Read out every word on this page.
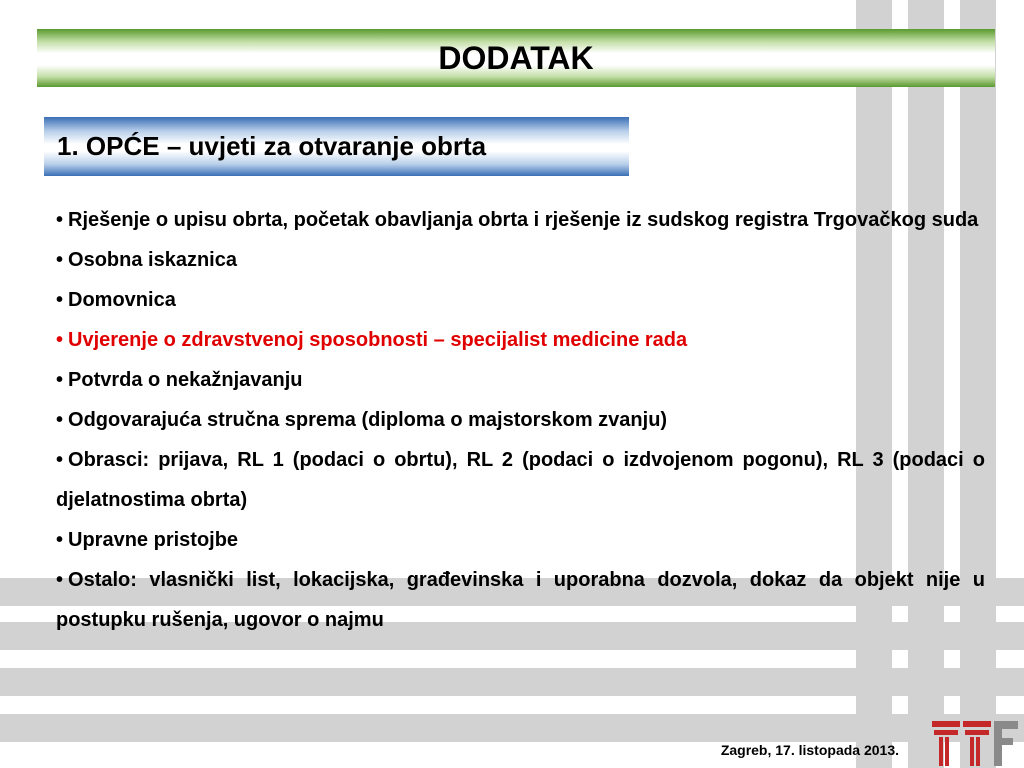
DODATAK
1. OPĆE – uvjeti za otvaranje obrta
• Rješenje o upisu obrta, početak obavljanja obrta i rješenje iz sudskog registra Trgovačkog suda
• Osobna iskaznica
• Domovnica
• Uvjerenje o zdravstvenoj sposobnosti – specijalist medicine rada
• Potvrda o nekažnjavanju
• Odgovarajuća stručna sprema (diploma o majstorskom zvanju)
• Obrasci: prijava, RL 1 (podaci o obrtu), RL 2 (podaci o izdvojenom pogonu), RL 3 (podaci o djelatnostima obrta)
• Upravne pristojbe
• Ostalo: vlasnički list, lokacijska, građevinska i uporabna dozvola, dokaz da objekt nije u postupku rušenja, ugovor o najmu
Zagreb, 17. listopada 2013.
